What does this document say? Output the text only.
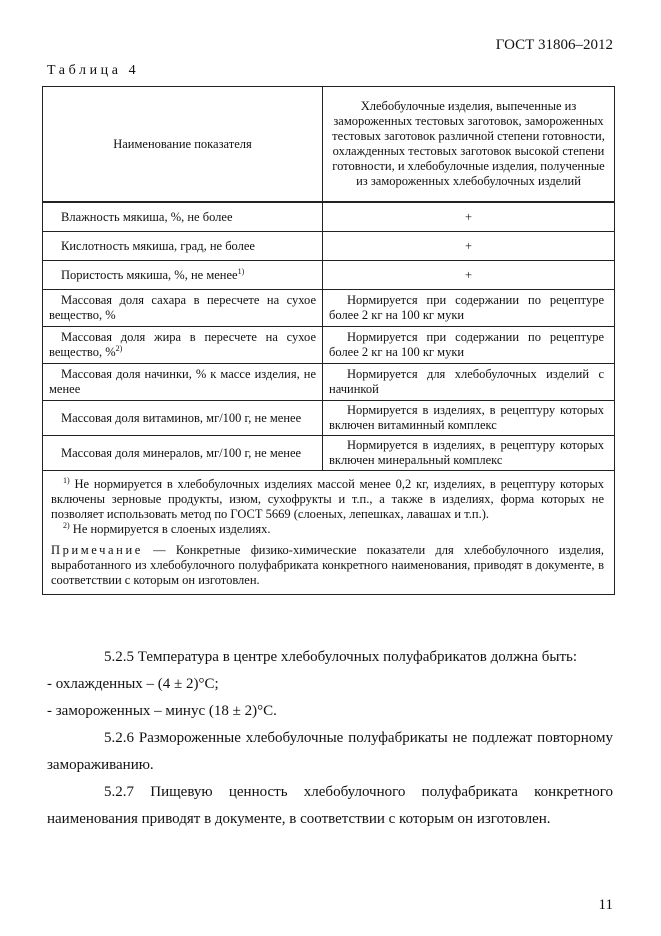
ГОСТ 31806–2012
Таблица 4
Наименование показателя	Хлебобулочные изделия, выпеченные из замороженных тестовых заготовок, замороженных тестовых заготовок различной степени готовности, охлажденных тестовых заготовок высокой степени готовности, и хлебобулочные изделия, полученные из замороженных хлебобулочных изделий
Влажность мякиша, %, не более	+
Кислотность мякиша, град, не более	+
Пористость мякиша, %, не менее$^{1)}$	+
Массовая доля сахара в пересчете на сухое вещество, %	Нормируется при содержании по рецептуре более 2 кг на 100 кг муки
Массовая доля жира в пересчете на сухое вещество, %$^{2)}$	Нормируется при содержании по рецептуре более 2 кг на 100 кг муки
Массовая доля начинки, % к массе изделия, не менее	Нормируется для хлебобулочных изделий с начинкой
Массовая доля витаминов, мг/100 г, не менее	Нормируется в изделиях, в рецептуру которых включен витаминный комплекс
Массовая доля минералов, мг/100 г, не менее	Нормируется в изделиях, в рецептуру которых включен минеральный комплекс

$^{1)}$ Не нормируется в хлебобулочных изделиях массой менее 0,2 кг, изделиях, в рецептуру которых включены зерновые продукты, изюм, сухофрукты и т.п., а также в изделиях, форма которых не позволяет использовать метод по ГОСТ 5669 (слоеных, лепешках, лавашах и т.п.).

$^{2)}$ Не нормируется в слоеных изделиях.

Примечание — Конкретные физико-химические показатели для хлебобулочного изделия, выработанного из хлебобулочного полуфабриката конкретного наименования, приводят в документе, в соответствии с которым он изготовлен.	

5.2.5 Температура в центре хлебобулочных полуфабрикатов должна быть:

- охлажденных – (4 ± 2)°С;

- замороженных – минус (18 ± 2)°С.

5.2.6 Размороженные хлебобулочные полуфабрикаты не подлежат повторному замораживанию.

5.2.7 Пищевую ценность хлебобулочного полуфабриката конкретного наименования приводят в документе, в соответствии с которым он изготовлен.

11
